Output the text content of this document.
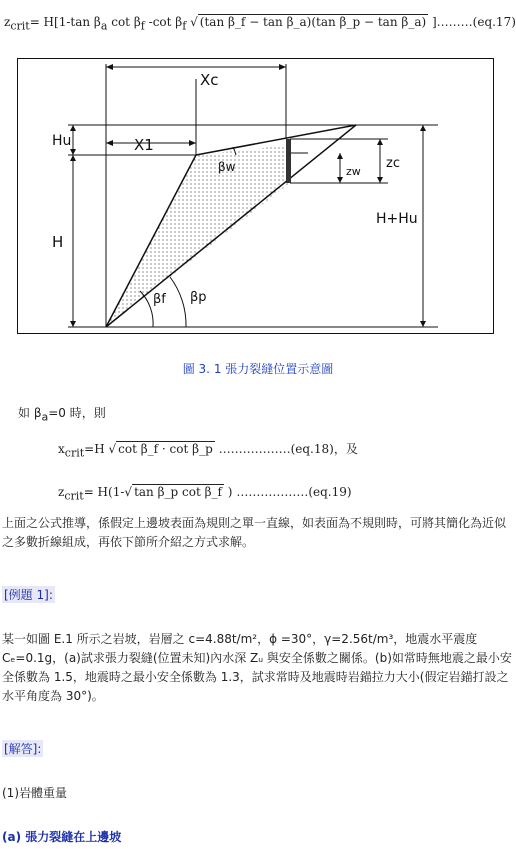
$z_{crit}= H[1-\tan$ $\beta_a$ $\cot \beta_f$ -cot $\beta_f$ √ (tan β_f − tan β_a)(tan β_p − tan β_a) ]………(eq.17)
Xc
X1
Hu
H
H+Hu
zc
zw
βw
βf βp
圖 3. 1 張力裂縫位置示意圖
如 $\beta_a=0$ 時，則
$x_{crit}=H$ √ cot β_f · cot β_p ………………(eq.18)，及
$z_{crit}= H(1-√$ tan β_p cot β_f ) ………………(eq.19)
上面之公式推導，係假定上邊坡表面為規則之單一直線，如表面為不規則時，可將其簡化為近似之多數折線組成，再依下節所介紹之方式求解。
[例題 1]:
某一如圖 E.1 所示之岩坡，岩層之 c=4.88t/m²，ϕ =30°，γ=2.56t/m³，地震水平震度 Cₑ=0.1g，(a)試求張力裂縫(位置未知)內水深 Zᵤ 與安全係數之關係。(b)如常時無地震之最小安全係數為 1.5，地震時之最小安全係數為 1.3，試求常時及地震時岩錨拉力大小(假定岩錨打設之水平角度為 30°)。
[解答]:
(1)岩體重量
(a) 張力裂縫在上邊坡
